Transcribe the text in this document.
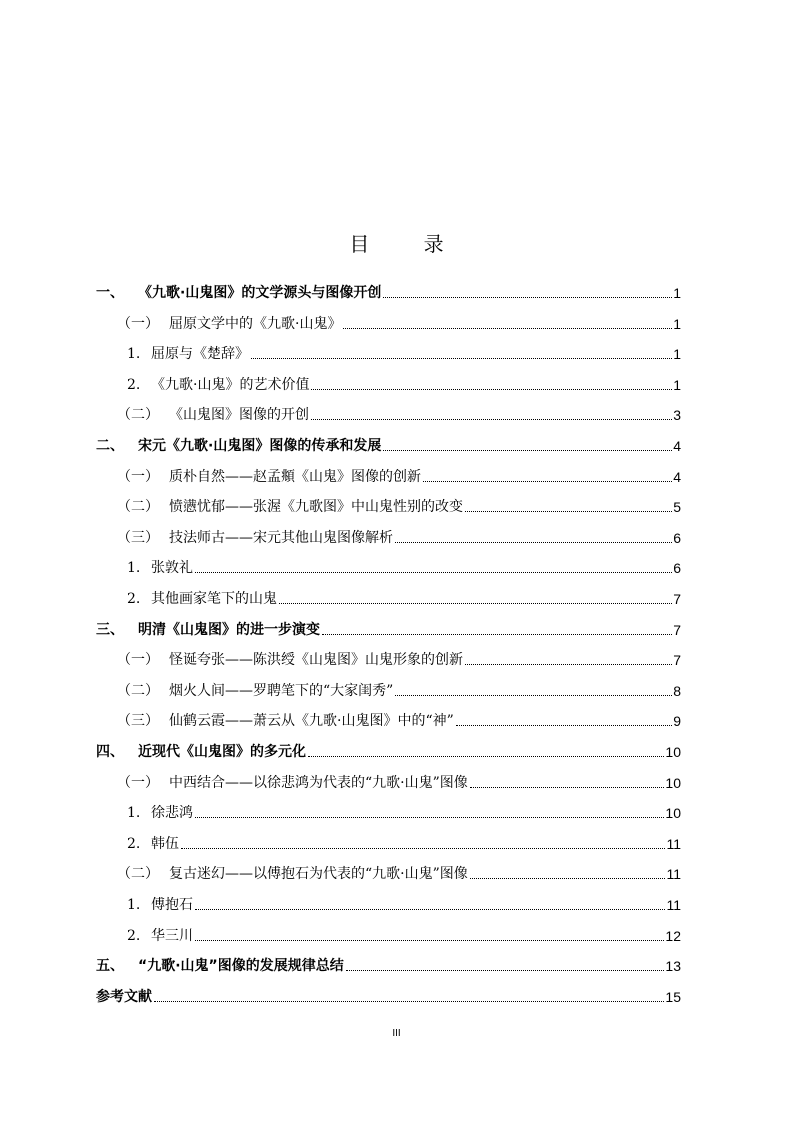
目 录
一、	《九歌·山鬼图》的文学源头与图像开创	1
（一） 屈原文学中的《九歌·山鬼》	1
1. 屈原与《楚辞》	1
2. 《九歌·山鬼》的艺术价值	1
（二） 《山鬼图》图像的开创	3
二、	宋元《九歌·山鬼图》图像的传承和发展	4
（一） 质朴自然——赵孟頫《山鬼》图像的创新	4
（二） 愤懑忧郁——张渥《九歌图》中山鬼性别的改变	5
（三） 技法师古——宋元其他山鬼图像解析	6
1. 张敦礼	6
2. 其他画家笔下的山鬼	7
三、	明清《山鬼图》的进一步演变	7
（一） 怪诞夸张——陈洪绶《山鬼图》山鬼形象的创新	7
（二） 烟火人间——罗聘笔下的“大家闺秀”	8
（三） 仙鹤云霞——萧云从《九歌·山鬼图》中的“神”	9
四、	近现代《山鬼图》的多元化	10
（一） 中西结合——以徐悲鸿为代表的“九歌·山鬼”图像	10
1. 徐悲鸿	10
2. 韩伍	11
（二） 复古迷幻——以傅抱石为代表的“九歌·山鬼”图像	11
1. 傅抱石	11
2. 华三川	12
五、	“九歌·山鬼”图像的发展规律总结	13
参考文献	15
III
